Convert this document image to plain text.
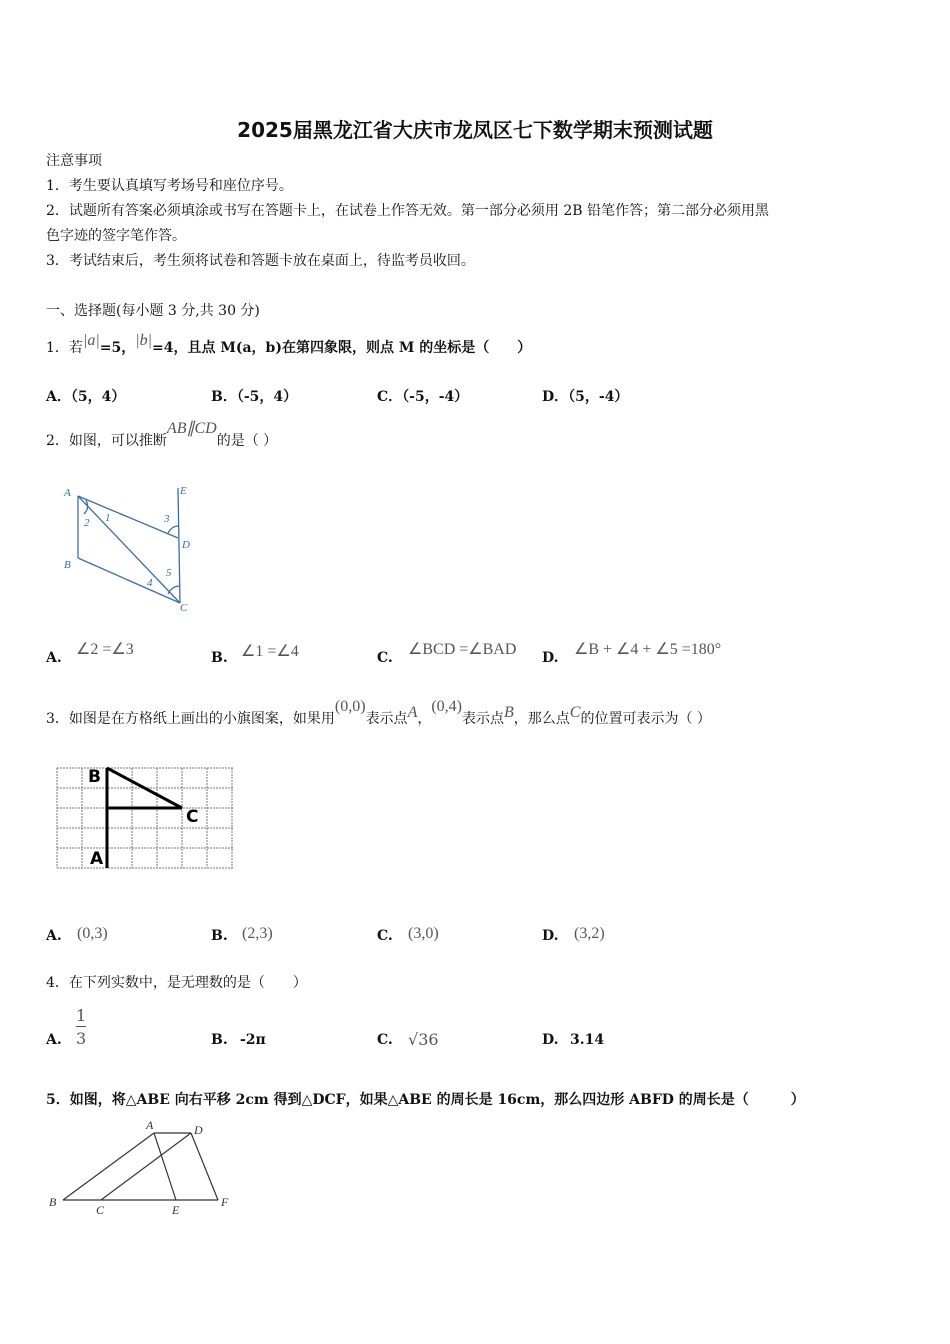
2025届黑龙江省大庆市龙凤区七下数学期末预测试题
注意事项
1．考生要认真填写考场号和座位序号。
2．试题所有答案必须填涂或书写在答题卡上，在试卷上作答无效。第一部分必须用 2B 铅笔作答；第二部分必须用黑
色字迹的签字笔作答。
3．考试结束后，考生须将试卷和答题卡放在桌面上，待监考员收回。
一、选择题(每小题 3 分,共 30 分)
1．若|a|=5，|b|=4，且点 M(a，b)在第四象限，则点 M 的坐标是（　　）
A．（5，4）	B．（-5，4）	C．（-5，-4）	D．（5，-4）
2．如图，可以推断AB∥CD的是（ ）
A	E
1
2	3
D
B
4
5
C
A. ∠2 =∠3	B. ∠1 =∠4	C. ∠BCD =∠BAD D. ∠B + ∠4 + ∠5 =180°
3．如图是在方格纸上画出的小旗图案，如果用(0,0)表示点A，(0,4)表示点B，那么点C的位置可表示为（ ）
B
C
A
A. (0,3)	B. (2,3)	C. (3,0)	D. (3,2)
4．在下列实数中，是无理数的是（　　）
A. $\frac{1}{3}$	B. -2π	C. √36	D. 3.14
5．如图，将△ABE 向右平移 2cm 得到△DCF，如果△ABE 的周长是 16cm，那么四边形 ABFD 的周长是（　　　）
A	D
B
C	E
F
